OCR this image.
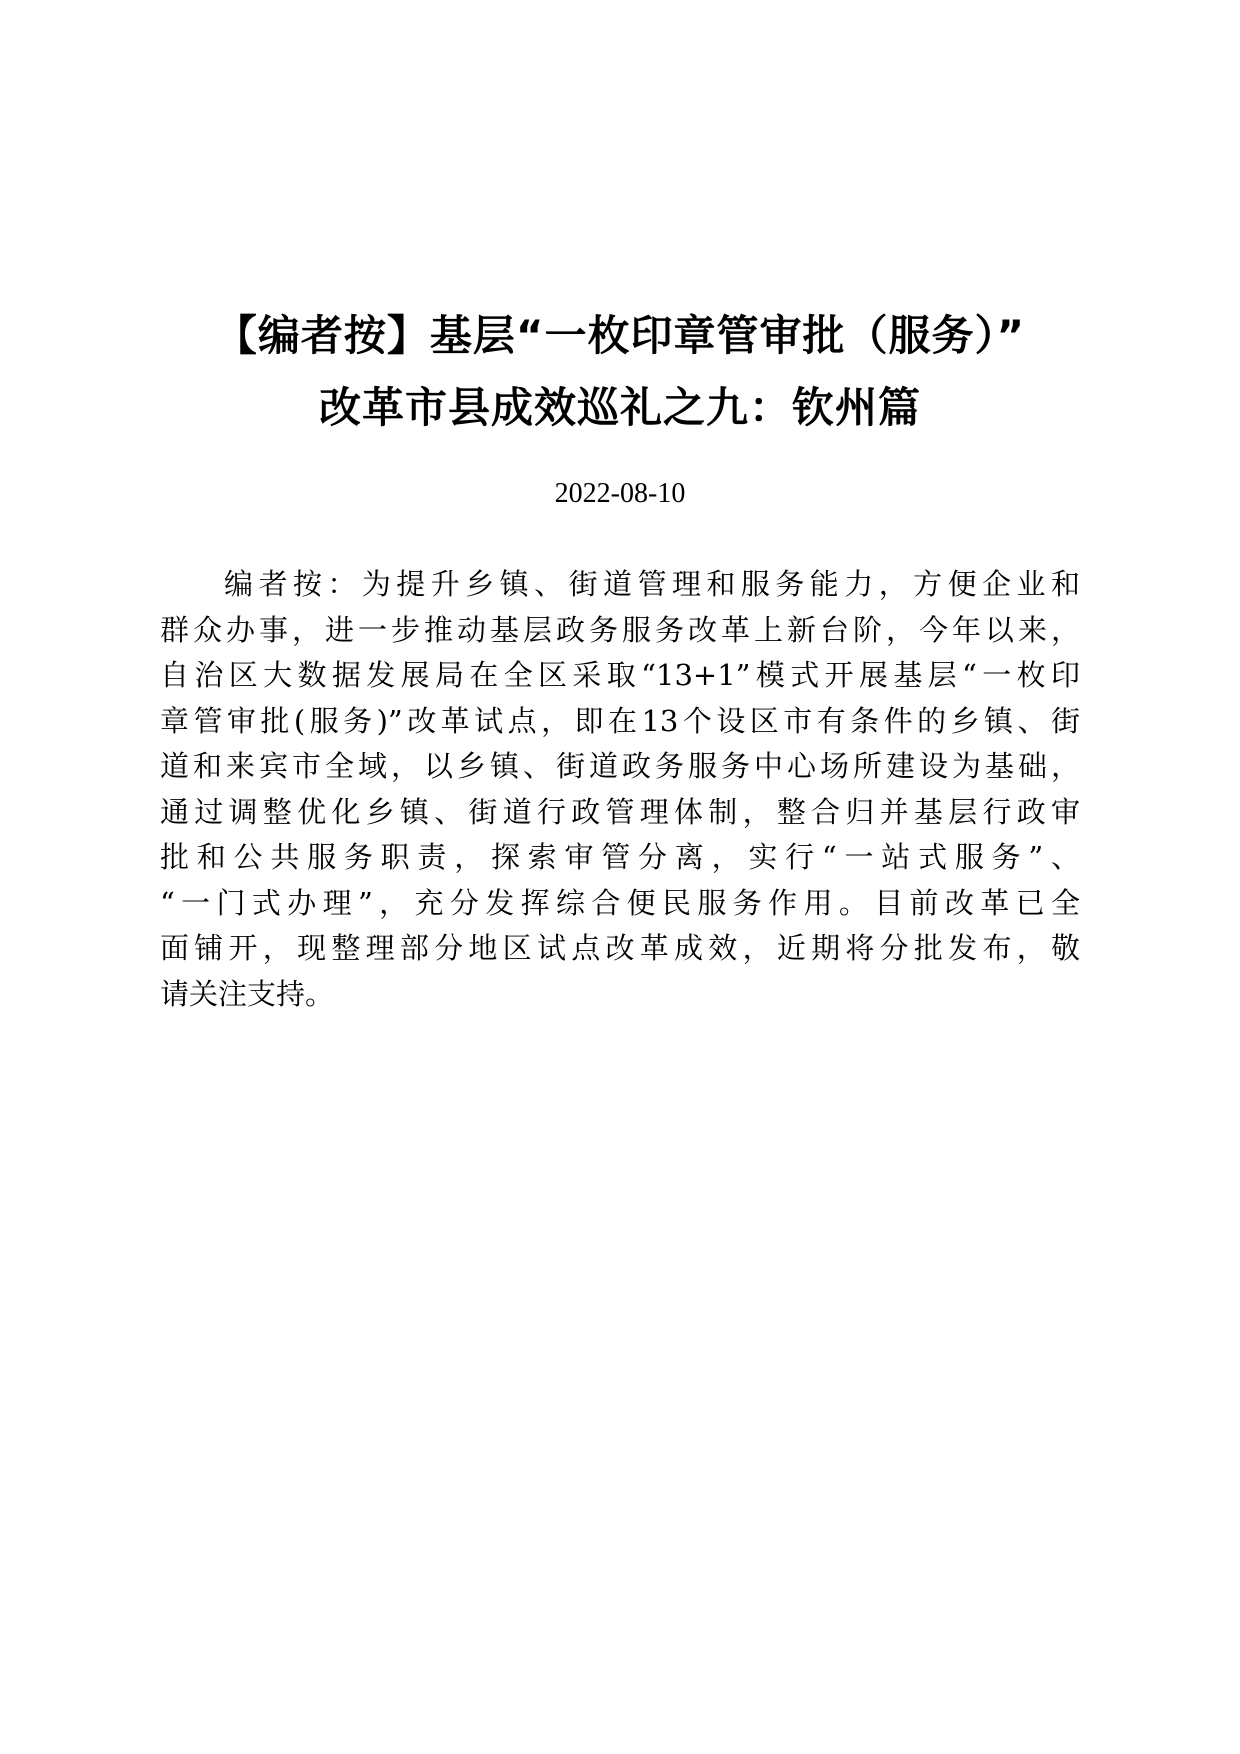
【编者按】基层“一枚印章管审批（服务）”
改革市县成效巡礼之九：钦州篇
2022-08-10
编者按：为提升乡镇、街道管理和服务能力，方便企业和
群众办事，进一步推动基层政务服务改革上新台阶，今年以来，
自治区大数据发展局在全区采取“13+1”模式开展基层“一枚印
章管审批(服务)”改革试点，即在13个设区市有条件的乡镇、街
道和来宾市全域，以乡镇、街道政务服务中心场所建设为基础，
通过调整优化乡镇、街道行政管理体制，整合归并基层行政审
批和公共服务职责，探索审管分离，实行“一站式服务”、
“一门式办理”，充分发挥综合便民服务作用。目前改革已全
面铺开，现整理部分地区试点改革成效，近期将分批发布，敬
请关注支持。
